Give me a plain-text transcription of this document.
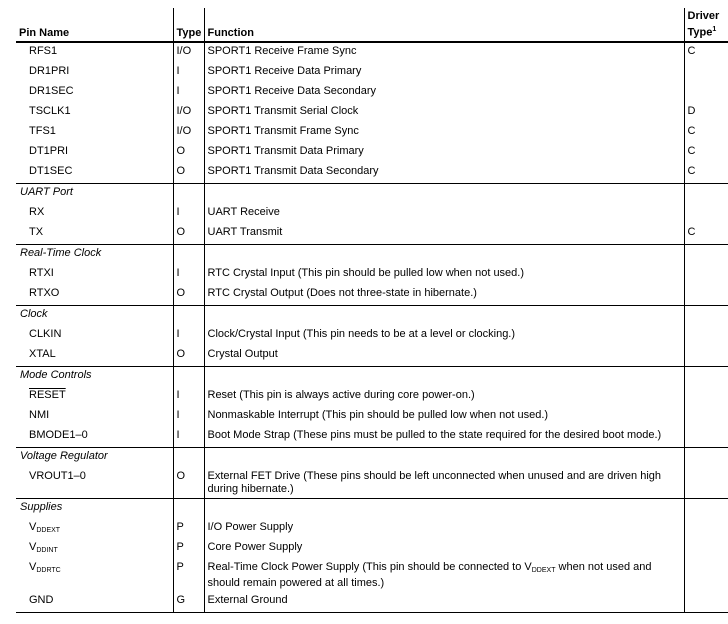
Pin Name	Type	Function	Driver Type$^1$
RFS1	I/O	SPORT1 Receive Frame Sync	C
DR1PRI	I	SPORT1 Receive Data Primary	
DR1SEC	I	SPORT1 Receive Data Secondary	
TSCLK1	I/O	SPORT1 Transmit Serial Clock	D
TFS1	I/O	SPORT1 Transmit Frame Sync	C
DT1PRI	O	SPORT1 Transmit Data Primary	C
DT1SEC	O	SPORT1 Transmit Data Secondary	C
UART Port			
RX	I	UART Receive	
TX	O	UART Transmit	C
Real-Time Clock			
RTXI	I	RTC Crystal Input (This pin should be pulled low when not used.)	
RTXO	O	RTC Crystal Output (Does not three-state in hibernate.)	
Clock			
CLKIN	I	Clock/Crystal Input (This pin needs to be at a level or clocking.)	
XTAL	O	Crystal Output	
Mode Controls			
RESET	I	Reset (This pin is always active during core power-on.)	
NMI	I	Nonmaskable Interrupt (This pin should be pulled low when not used.)	
BMODE1–0	I	Boot Mode Strap (These pins must be pulled to the state required for the desired boot mode.)	
Voltage Regulator			
VROUT1–0	O	External FET Drive (These pins should be left unconnected when unused and are driven high during hibernate.)	
Supplies			
$V_{DDEXT}$	P	I/O Power Supply	
$V_{DDINT}$	P	Core Power Supply	
$V_{DDRTC}$	P	Real-Time Clock Power Supply (This pin should be connected to $V_{DDEXT}$ when not used and should remain powered at all times.)	
GND	G	External Ground	
